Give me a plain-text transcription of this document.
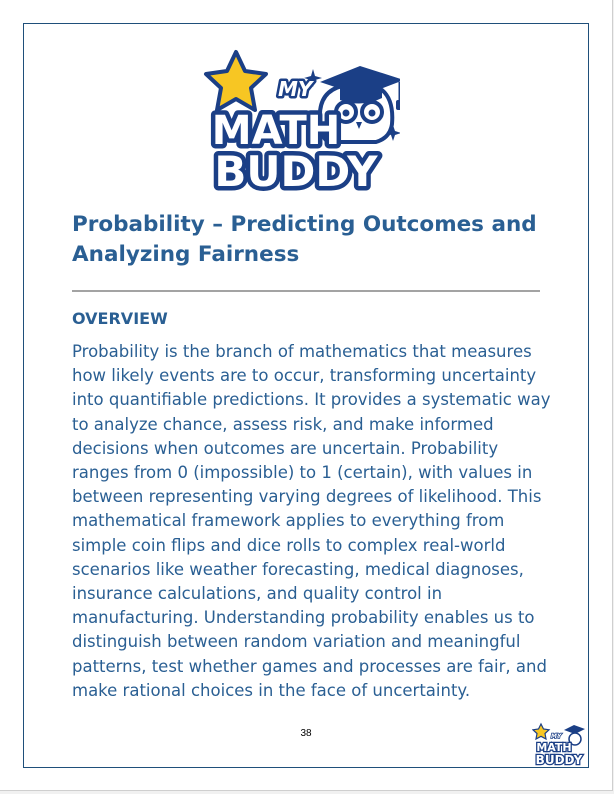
MY
MATH
BUDDY
Probability – Predicting Outcomes and Analyzing Fairness
OVERVIEW

Probability is the branch of mathematics that measures how likely events are to occur, transforming uncertainty into quantifiable predictions. It provides a systematic way to analyze chance, assess risk, and make informed decisions when outcomes are uncertain. Probability ranges from 0 (impossible) to 1 (certain), with values in between representing varying degrees of likelihood. This mathematical framework applies to everything from simple coin flips and dice rolls to complex real-world scenarios like weather forecasting, medical diagnoses, insurance calculations, and quality control in manufacturing. Understanding probability enables us to distinguish between random variation and meaningful patterns, test whether games and processes are fair, and make rational choices in the face of uncertainty.

38	MY
MATH
BUDDY
